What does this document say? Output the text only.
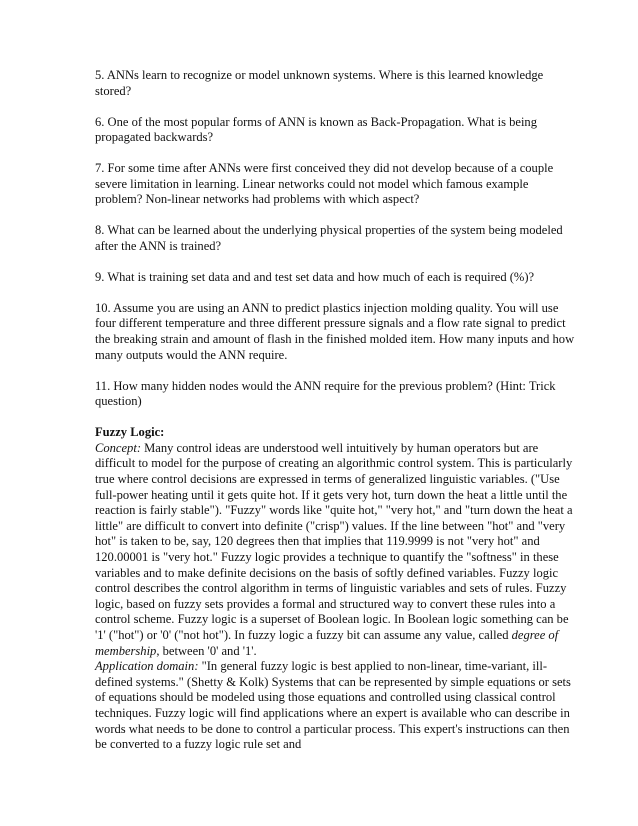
5. ANNs learn to recognize or model unknown systems. Where is this learned knowledge stored?

6. One of the most popular forms of ANN is known as Back-Propagation. What is being propagated backwards?

7. For some time after ANNs were first conceived they did not develop because of a couple severe limitation in learning. Linear networks could not model which famous example problem? Non-linear networks had problems with which aspect?

8. What can be learned about the underlying physical properties of the system being modeled after the ANN is trained?

9. What is training set data and and test set data and how much of each is required (%)?

10. Assume you are using an ANN to predict plastics injection molding quality. You will use four different temperature and three different pressure signals and a flow rate signal to predict the breaking strain and amount of flash in the finished molded item. How many inputs and how many outputs would the ANN require.

11. How many hidden nodes would the ANN require for the previous problem? (Hint: Trick question)

Fuzzy Logic:

Concept: Many control ideas are understood well intuitively by human operators but are difficult to model for the purpose of creating an algorithmic control system. This is particularly true where control decisions are expressed in terms of generalized linguistic variables. ("Use full-power heating until it gets quite hot. If it gets very hot, turn down the heat a little until the reaction is fairly stable"). "Fuzzy" words like "quite hot," "very hot," and "turn down the heat a little" are difficult to convert into definite ("crisp") values. If the line between "hot" and "very hot" is taken to be, say, 120 degrees then that implies that 119.9999 is not "very hot" and 120.00001 is "very hot." Fuzzy logic provides a technique to quantify the "softness" in these variables and to make definite decisions on the basis of softly defined variables. Fuzzy logic control describes the control algorithm in terms of linguistic variables and sets of rules. Fuzzy logic, based on fuzzy sets provides a formal and structured way to convert these rules into a control scheme. Fuzzy logic is a superset of Boolean logic. In Boolean logic something can be '1' ("hot") or '0' ("not hot"). In fuzzy logic a fuzzy bit can assume any value, called degree of membership, between '0' and '1'.

Application domain: "In general fuzzy logic is best applied to non-linear, time-variant, ill-defined systems." (Shetty & Kolk) Systems that can be represented by simple equations or sets of equations should be modeled using those equations and controlled using classical control techniques. Fuzzy logic will find applications where an expert is available who can describe in words what needs to be done to control a particular process. This expert's instructions can then be converted to a fuzzy logic rule set and
